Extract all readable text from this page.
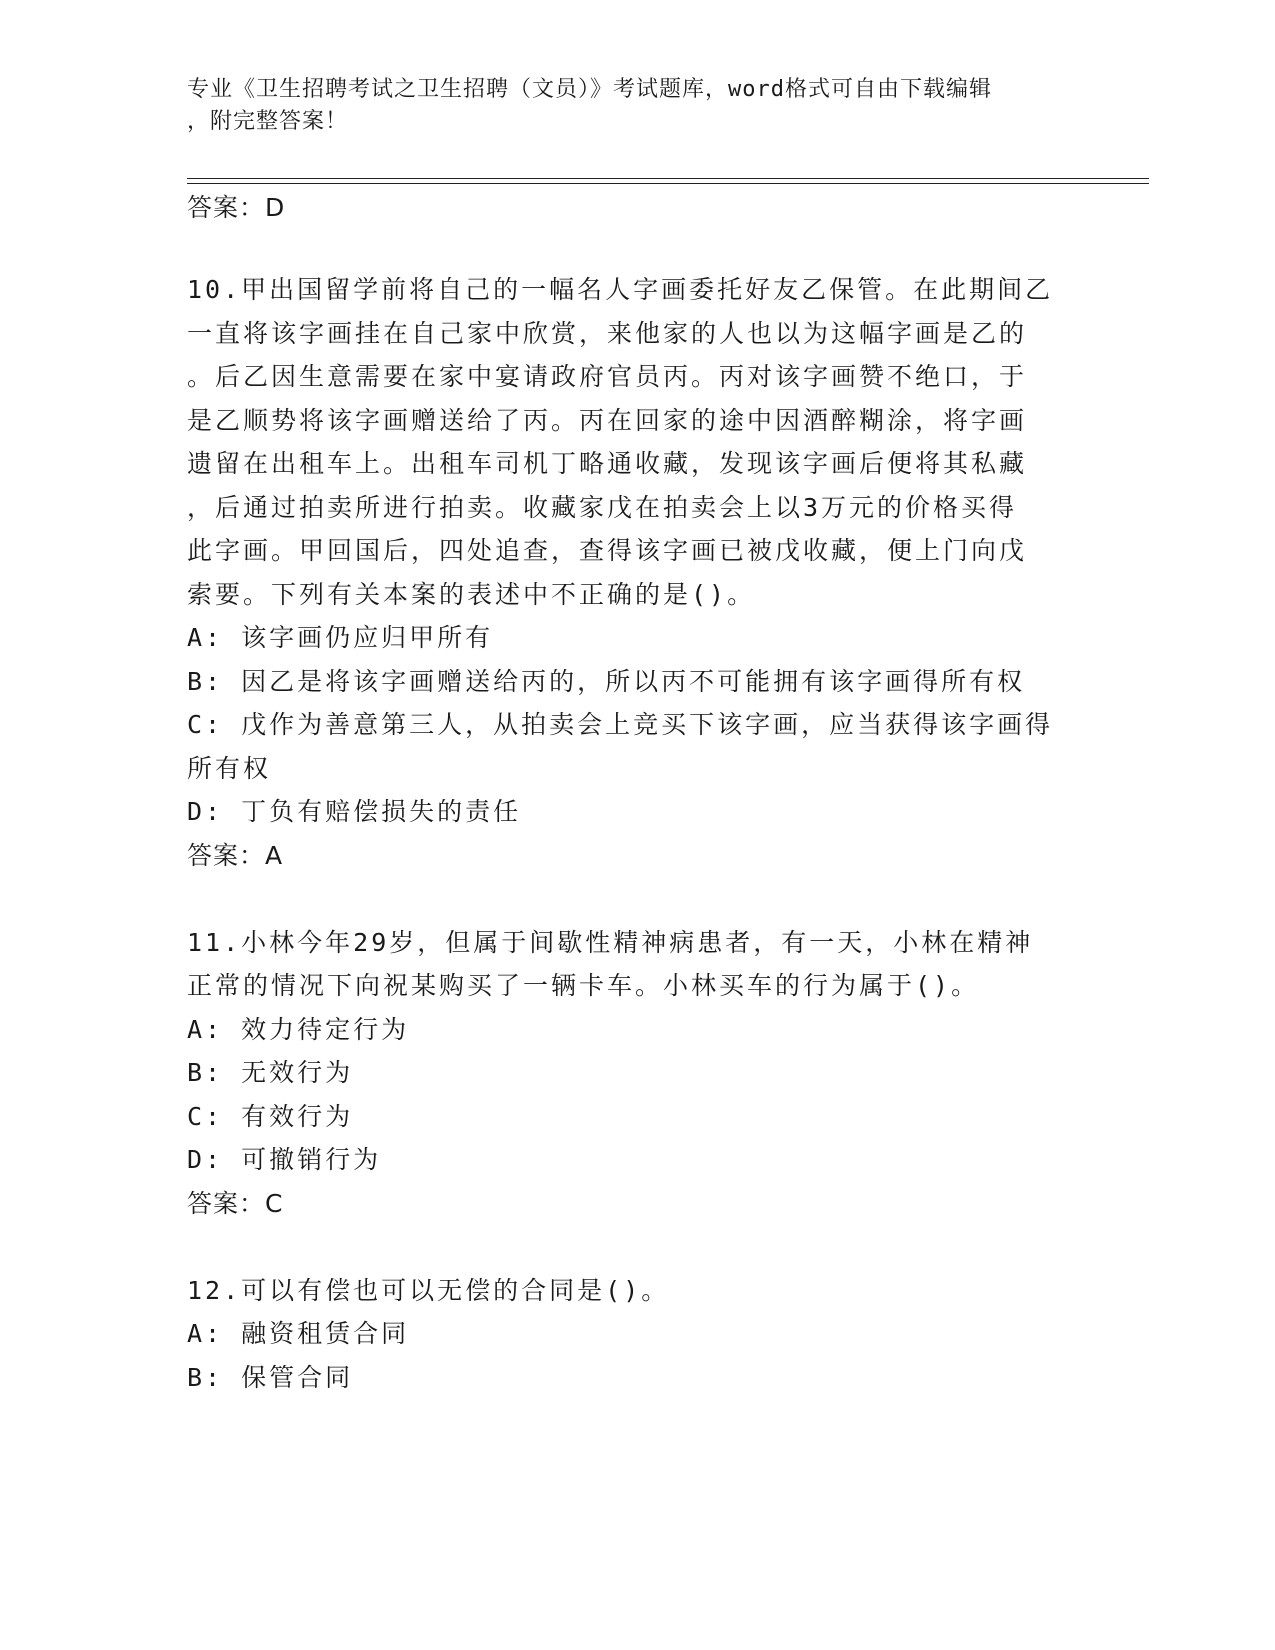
专业《卫生招聘考试之卫生招聘（文员）》考试题库，word格式可自由下载编辑
，附完整答案！
答案：D
10.甲出国留学前将自己的一幅名人字画委托好友乙保管。在此期间乙
一直将该字画挂在自己家中欣赏，来他家的人也以为这幅字画是乙的
。后乙因生意需要在家中宴请政府官员丙。丙对该字画赞不绝口，于
是乙顺势将该字画赠送给了丙。丙在回家的途中因酒醉糊涂，将字画
遗留在出租车上。出租车司机丁略通收藏，发现该字画后便将其私藏
，后通过拍卖所进行拍卖。收藏家戊在拍卖会上以3万元的价格买得
此字画。甲回国后，四处追查，查得该字画已被戊收藏，便上门向戊
索要。下列有关本案的表述中不正确的是()。
A: 该字画仍应归甲所有
B: 因乙是将该字画赠送给丙的，所以丙不可能拥有该字画得所有权
C: 戊作为善意第三人，从拍卖会上竞买下该字画，应当获得该字画得
所有权
D: 丁负有赔偿损失的责任
答案：A
11.小林今年29岁，但属于间歇性精神病患者，有一天，小林在精神
正常的情况下向祝某购买了一辆卡车。小林买车的行为属于()。
A: 效力待定行为
B: 无效行为
C: 有效行为
D: 可撤销行为
答案：C
12.可以有偿也可以无偿的合同是()。
A: 融资租赁合同
B: 保管合同
